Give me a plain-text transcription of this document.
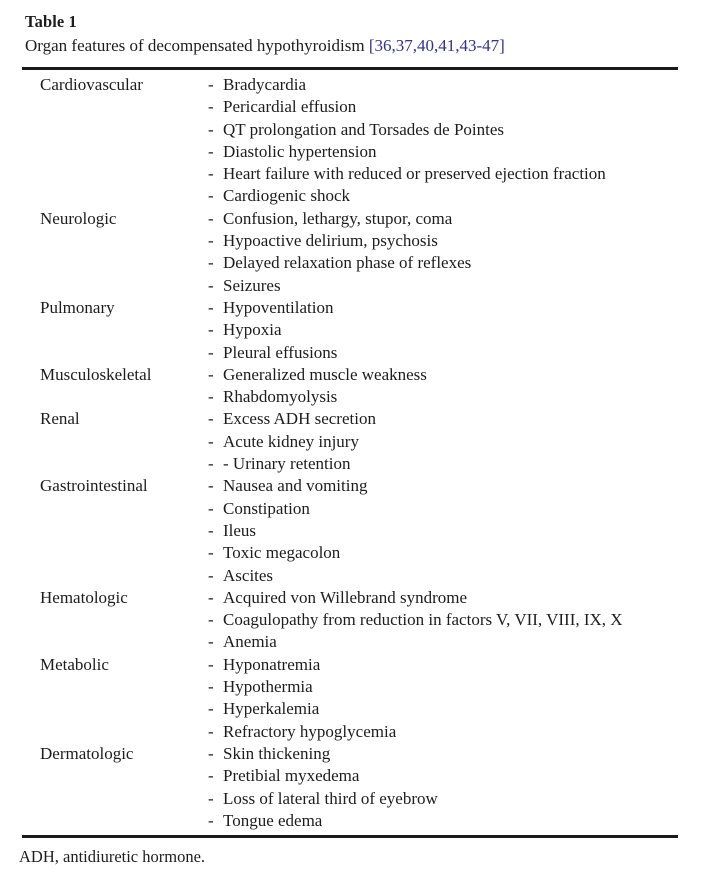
Table 1
Organ features of decompensated hypothyroidism [36,37,40,41,43-47]
Cardiovascular	- Bradycardia
- Pericardial effusion
- QT prolongation and Torsades de Pointes
- Diastolic hypertension
- Heart failure with reduced or preserved ejection fraction
- Cardiogenic shock
Neurologic	- Confusion, lethargy, stupor, coma
- Hypoactive delirium, psychosis
- Delayed relaxation phase of reflexes
- Seizures
Pulmonary	- Hypoventilation
- Hypoxia
- Pleural effusions
Musculoskeletal	- Generalized muscle weakness
- Rhabdomyolysis
Renal	- Excess ADH secretion
- Acute kidney injury
- - Urinary retention
Gastrointestinal	- Nausea and vomiting
- Constipation
- Ileus
- Toxic megacolon
- Ascites
Hematologic	- Acquired von Willebrand syndrome
- Coagulopathy from reduction in factors V, VII, VIII, IX, X
- Anemia
Metabolic	- Hyponatremia
- Hypothermia
- Hyperkalemia
- Refractory hypoglycemia
Dermatologic	- Skin thickening
- Pretibial myxedema
- Loss of lateral third of eyebrow
- Tongue edema
ADH, antidiuretic hormone.
